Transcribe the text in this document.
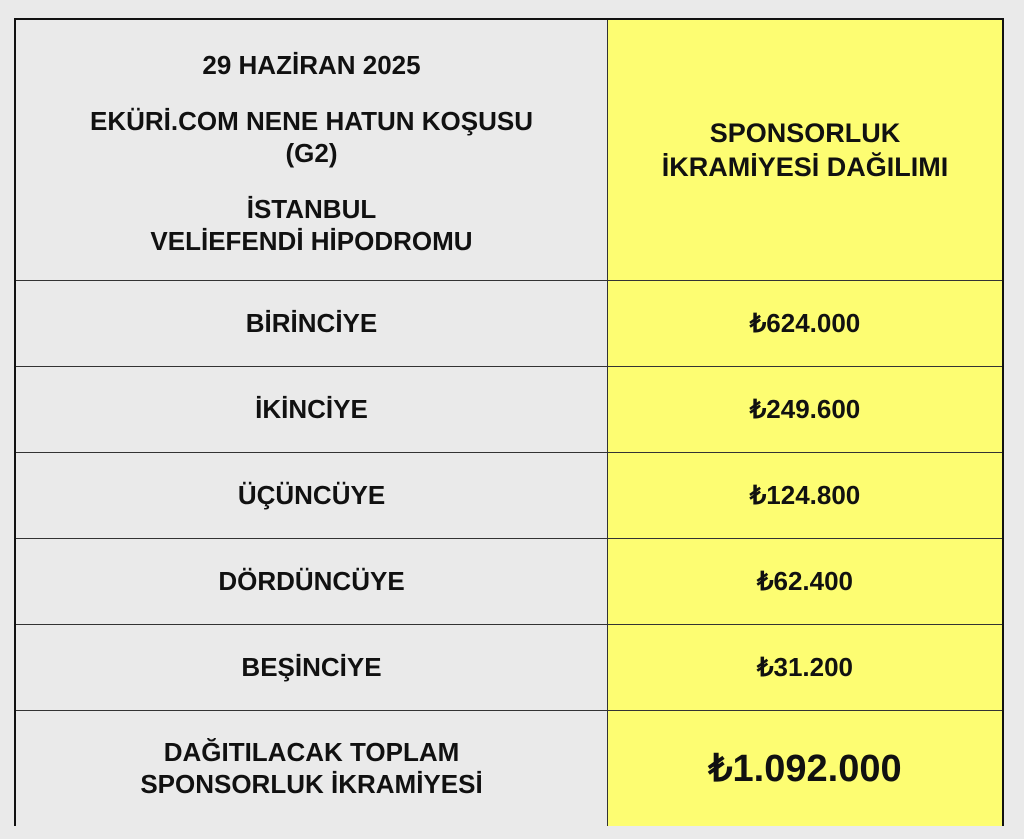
29 HAZİRAN 2025
EKÜRİ.COM NENE HATUN KOŞUSU
(G2)
İSTANBUL
VELİEFENDİ HİPODROMU	SPONSORLUK
İKRAMİYESİ DAĞILIMI

BİRİNCİYE	₺624.000
İKİNCİYE	₺249.600
ÜÇÜNCÜYE	₺124.800
DÖRDÜNCÜYE	₺62.400
BEŞİNCİYE	₺31.200

DAĞITILACAK TOPLAM
SPONSORLUK İKRAMİYESİ	₺1.092.000
